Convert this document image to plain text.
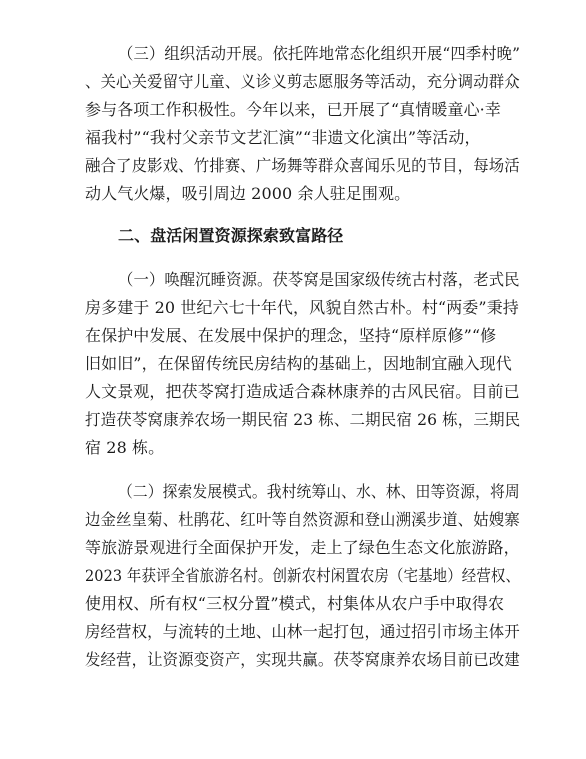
（三）组织活动开展。依托阵地常态化组织开展“四季村晚”
、关心关爱留守儿童、义诊义剪志愿服务等活动，充分调动群众
参与各项工作积极性。今年以来，已开展了“真情暖童心·幸
福我村”“我村父亲节文艺汇演”“非遗文化演出”等活动，
融合了皮影戏、竹排赛、广场舞等群众喜闻乐见的节目，每场活
动人气火爆，吸引周边 2000 余人驻足围观。
二、盘活闲置资源探索致富路径
（一）唤醒沉睡资源。茯苓窝是国家级传统古村落，老式民
房多建于 20 世纪六七十年代，风貌自然古朴。村“两委”秉持
在保护中发展、在发展中保护的理念，坚持“原样原修”“修
旧如旧”，在保留传统民房结构的基础上，因地制宜融入现代
人文景观，把茯苓窝打造成适合森林康养的古风民宿。目前已
打造茯苓窝康养农场一期民宿 23 栋、二期民宿 26 栋，三期民
宿 28 栋。
（二）探索发展模式。我村统筹山、水、林、田等资源，将周
边金丝皇菊、杜鹃花、红叶等自然资源和登山溯溪步道、姑嫂寨
等旅游景观进行全面保护开发，走上了绿色生态文化旅游路，
2023 年获评全省旅游名村。创新农村闲置农房（宅基地）经营权、
使用权、所有权“三权分置”模式，村集体从农户手中取得农
房经营权，与流转的土地、山林一起打包，通过招引市场主体开
发经营，让资源变资产，实现共赢。茯苓窝康养农场目前已改建
